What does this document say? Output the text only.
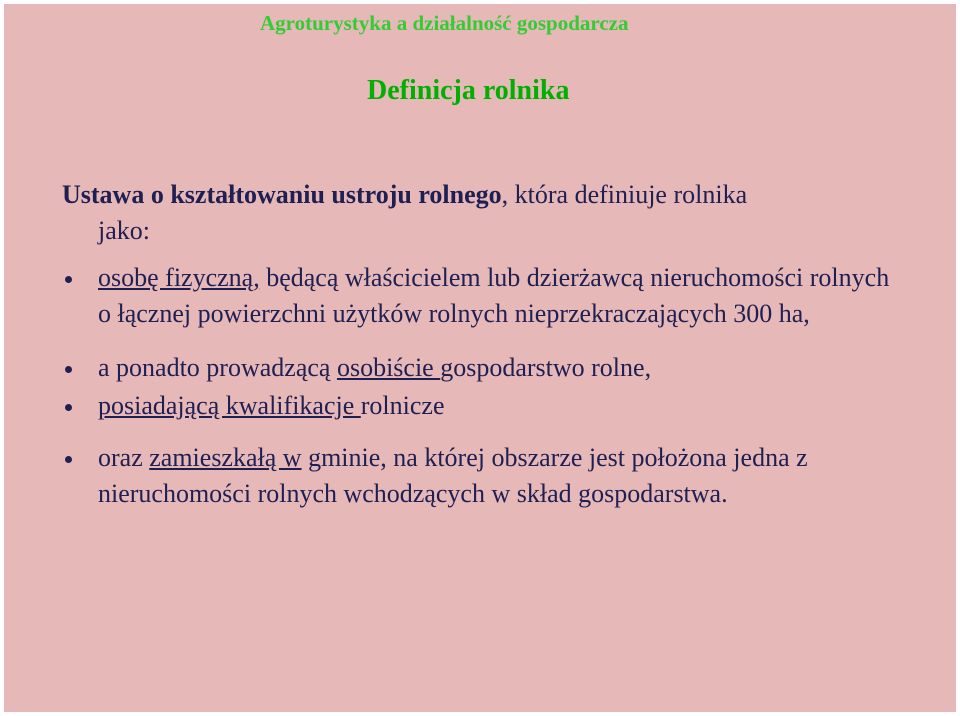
Agroturystyka a działalność gospodarcza
Definicja rolnika

Ustawa o kształtowaniu ustroju rolnego, która definiuje rolnika
jako:

osobę fizyczną, będącą właścicielem lub dzierżawcą nieruchomości rolnych o łącznej powierzchni użytków rolnych nieprzekraczających 300 ha,
a ponadto prowadzącą osobiście gospodarstwo rolne,
posiadającą kwalifikacje rolnicze
oraz zamieszkałą w gminie, na której obszarze jest położona jedna z nieruchomości rolnych wchodzących w skład gospodarstwa.
